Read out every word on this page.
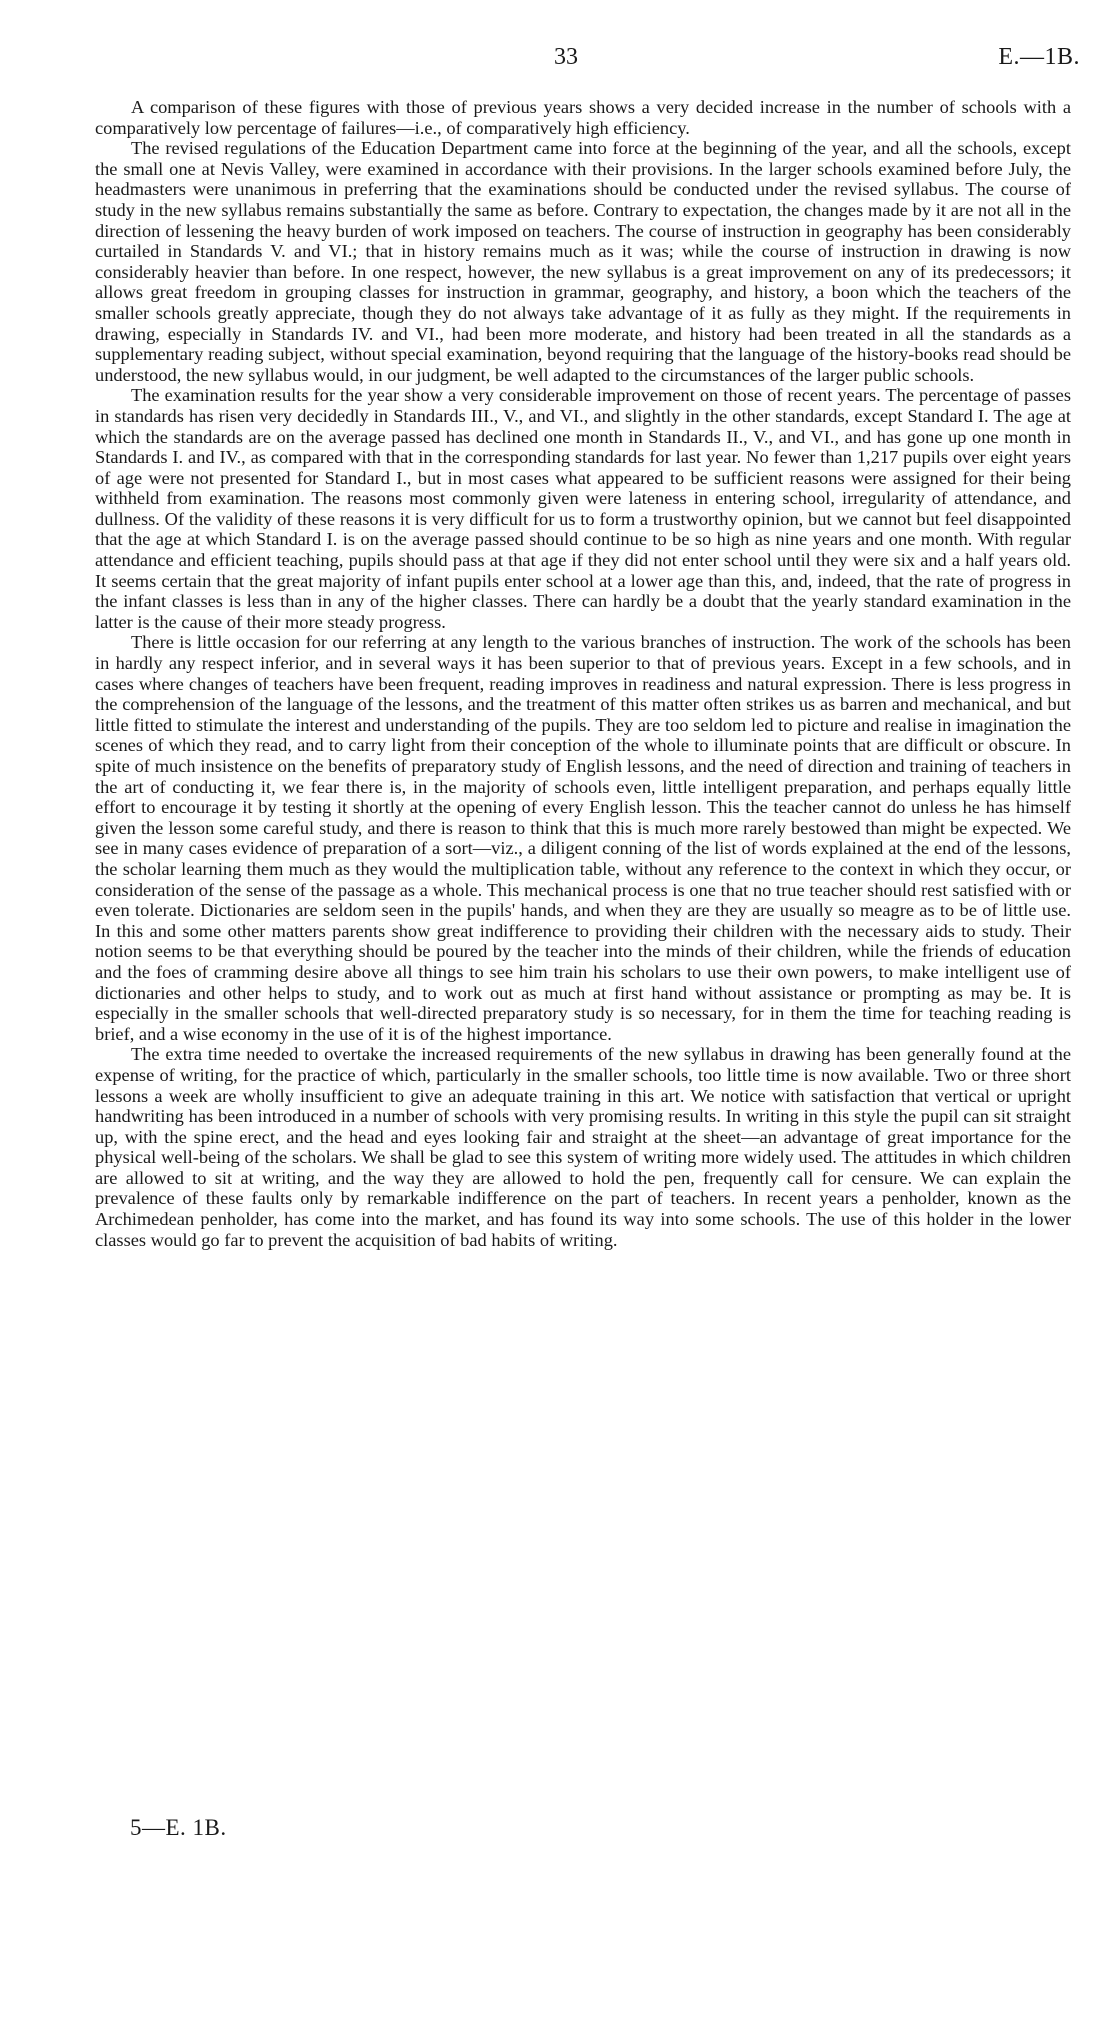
33	E.—1B.

A comparison of these figures with those of previous years shows a very decided increase in the number of schools with a comparatively low percentage of failures—i.e., of comparatively high efficiency.

The revised regulations of the Education Department came into force at the beginning of the year, and all the schools, except the small one at Nevis Valley, were examined in accordance with their provisions. In the larger schools examined before July, the headmasters were unanimous in preferring that the examinations should be conducted under the revised syllabus. The course of study in the new syllabus remains substantially the same as before. Contrary to expectation, the changes made by it are not all in the direction of lessening the heavy burden of work imposed on teachers. The course of instruction in geography has been considerably curtailed in Standards V. and VI.; that in history remains much as it was; while the course of instruction in drawing is now considerably heavier than before. In one respect, however, the new syllabus is a great improvement on any of its predecessors; it allows great freedom in grouping classes for instruction in grammar, geography, and history, a boon which the teachers of the smaller schools greatly appreciate, though they do not always take advantage of it as fully as they might. If the requirements in drawing, especially in Standards IV. and VI., had been more moderate, and history had been treated in all the standards as a supplementary reading subject, without special examination, beyond requiring that the language of the history-books read should be understood, the new syllabus would, in our judgment, be well adapted to the circumstances of the larger public schools.

The examination results for the year show a very considerable improvement on those of recent years. The percentage of passes in standards has risen very decidedly in Standards III., V., and VI., and slightly in the other standards, except Standard I. The age at which the standards are on the average passed has declined one month in Standards II., V., and VI., and has gone up one month in Standards I. and IV., as compared with that in the corresponding standards for last year. No fewer than 1,217 pupils over eight years of age were not presented for Standard I., but in most cases what appeared to be sufficient reasons were assigned for their being withheld from examination. The reasons most commonly given were lateness in entering school, irregularity of attendance, and dullness. Of the validity of these reasons it is very difficult for us to form a trustworthy opinion, but we cannot but feel disappointed that the age at which Standard I. is on the average passed should continue to be so high as nine years and one month. With regular attendance and efficient teaching, pupils should pass at that age if they did not enter school until they were six and a half years old. It seems certain that the great majority of infant pupils enter school at a lower age than this, and, indeed, that the rate of progress in the infant classes is less than in any of the higher classes. There can hardly be a doubt that the yearly standard examination in the latter is the cause of their more steady progress.

There is little occasion for our referring at any length to the various branches of instruction. The work of the schools has been in hardly any respect inferior, and in several ways it has been superior to that of previous years. Except in a few schools, and in cases where changes of teachers have been frequent, reading improves in readiness and natural expression. There is less progress in the comprehension of the language of the lessons, and the treatment of this matter often strikes us as barren and mechanical, and but little fitted to stimulate the interest and understanding of the pupils. They are too seldom led to picture and realise in imagination the scenes of which they read, and to carry light from their conception of the whole to illuminate points that are difficult or obscure. In spite of much insistence on the benefits of preparatory study of English lessons, and the need of direction and training of teachers in the art of conducting it, we fear there is, in the majority of schools even, little intelligent preparation, and perhaps equally little effort to encourage it by testing it shortly at the opening of every English lesson. This the teacher cannot do unless he has himself given the lesson some careful study, and there is reason to think that this is much more rarely bestowed than might be expected. We see in many cases evidence of preparation of a sort—viz., a diligent conning of the list of words explained at the end of the lessons, the scholar learning them much as they would the multiplication table, without any reference to the context in which they occur, or consideration of the sense of the passage as a whole. This mechanical process is one that no true teacher should rest satisfied with or even tolerate. Dictionaries are seldom seen in the pupils' hands, and when they are they are usually so meagre as to be of little use. In this and some other matters parents show great indifference to providing their children with the necessary aids to study. Their notion seems to be that everything should be poured by the teacher into the minds of their children, while the friends of education and the foes of cramming desire above all things to see him train his scholars to use their own powers, to make intelligent use of dictionaries and other helps to study, and to work out as much at first hand without assistance or prompting as may be. It is especially in the smaller schools that well-directed preparatory study is so necessary, for in them the time for teaching reading is brief, and a wise economy in the use of it is of the highest importance.

The extra time needed to overtake the increased requirements of the new syllabus in drawing has been generally found at the expense of writing, for the practice of which, particularly in the smaller schools, too little time is now available. Two or three short lessons a week are wholly insufficient to give an adequate training in this art. We notice with satisfaction that vertical or upright handwriting has been introduced in a number of schools with very promising results. In writing in this style the pupil can sit straight up, with the spine erect, and the head and eyes looking fair and straight at the sheet—an advantage of great importance for the physical well-being of the scholars. We shall be glad to see this system of writing more widely used. The attitudes in which children are allowed to sit at writing, and the way they are allowed to hold the pen, frequently call for censure. We can explain the prevalence of these faults only by remarkable indifference on the part of teachers. In recent years a penholder, known as the Archimedean penholder, has come into the market, and has found its way into some schools. The use of this holder in the lower classes would go far to prevent the acquisition of bad habits of writing.

5—E. 1B.
